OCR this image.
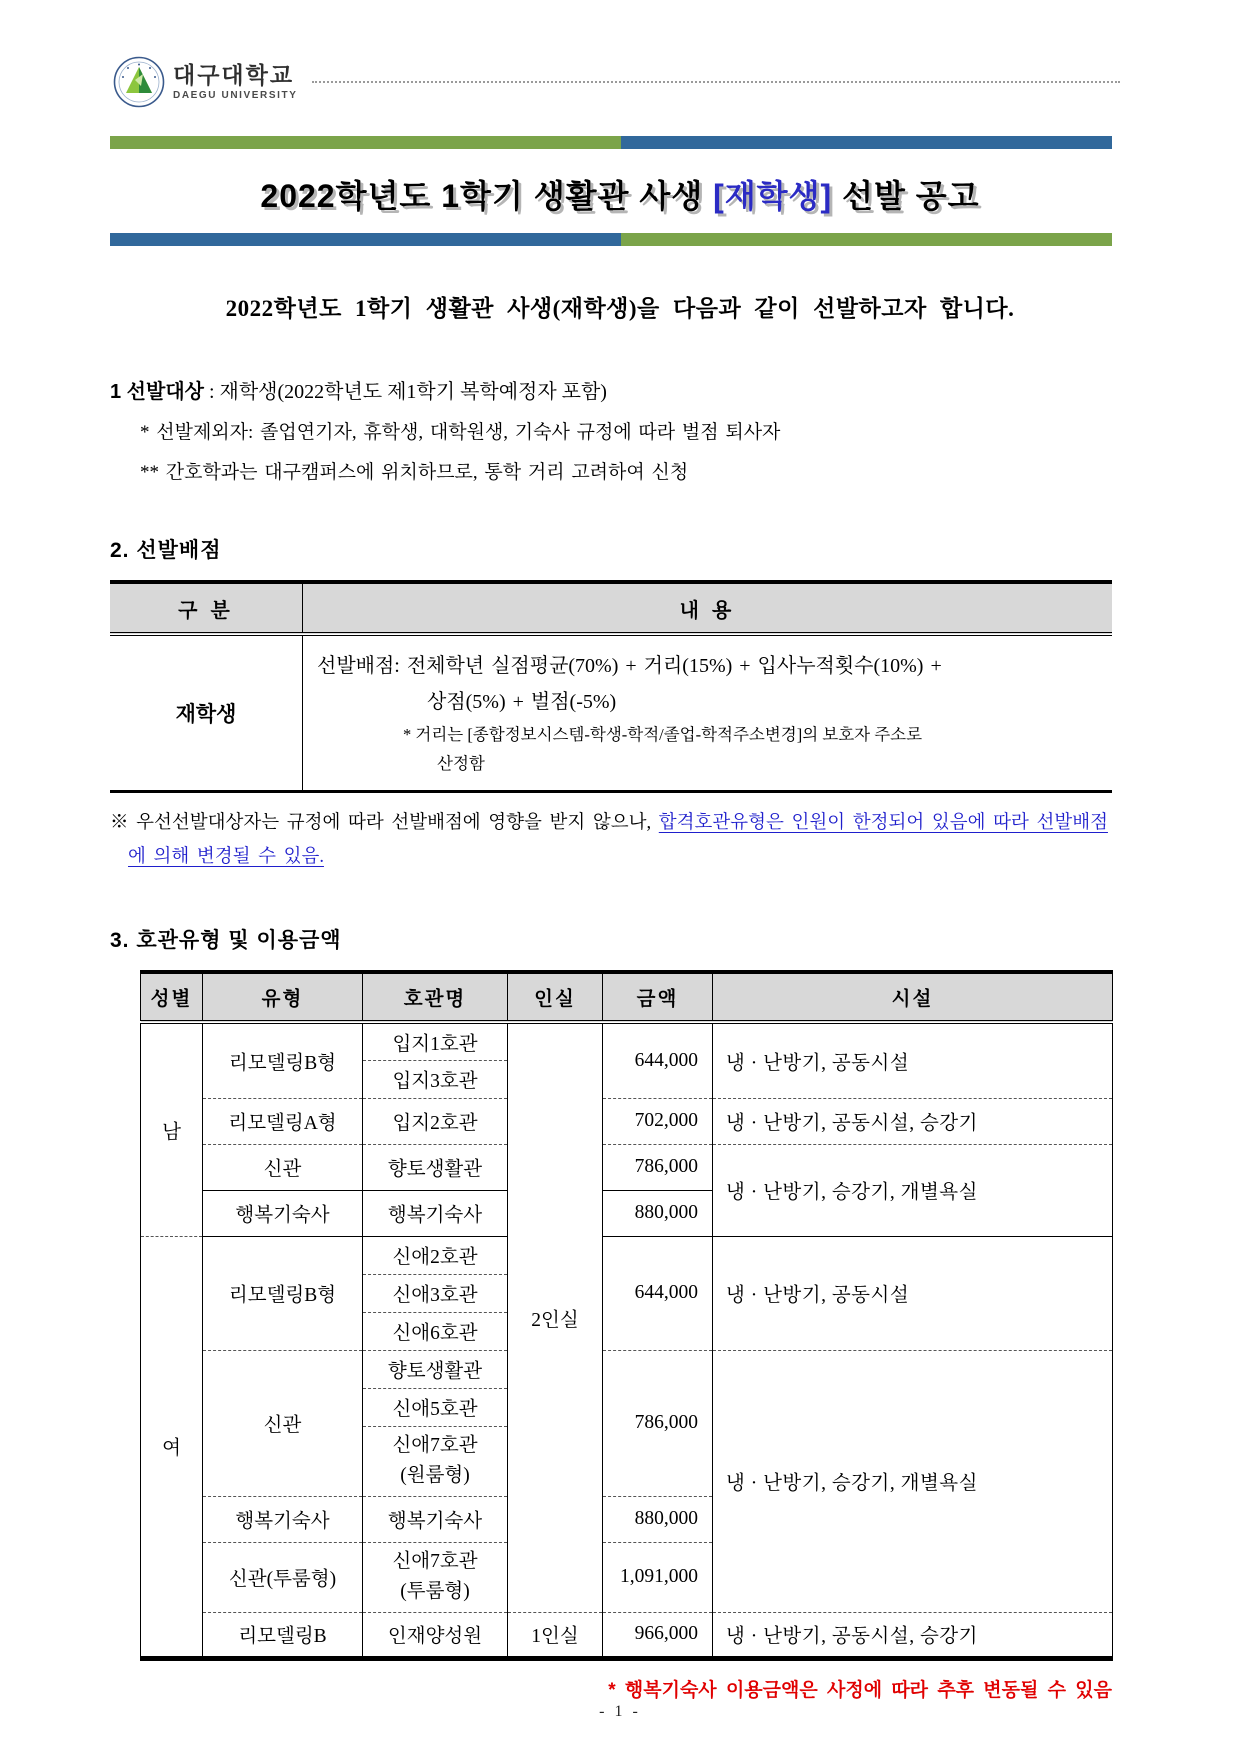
대구대학교
DAEGU UNIVERSITY
2022학년도 1학기 생활관 사생 [재학생] 선발 공고
2022학년도 1학기 생활관 사생(재학생)을 다음과 같이 선발하고자 합니다.
1 선발대상 : 재학생(2022학년도 제1학기 복학예정자 포함)
* 선발제외자: 졸업연기자, 휴학생, 대학원생, 기숙사 규정에 따라 벌점 퇴사자
** 간호학과는 대구캠퍼스에 위치하므로, 통학 거리 고려하여 신청
2. 선발배점
구 분	내 용
재학생	선발배점: 전체학년 실점평균(70%) + 거리(15%) + 입사누적횟수(10%) +
상점(5%) + 벌점(-5%)
* 거리는 [종합정보시스템-학생-학적/졸업-학적주소변경]의 보호자 주소로
산정함
※ 우선선발대상자는 규정에 따라 선발배점에 영향을 받지 않으나, 합격호관유형은 인원이 한정되어 있음에 따라 선발배점
에 의해 변경될 수 있음.
3. 호관유형 및 이용금액
성별	유형	호관명	인실	금액	시설
남	리모델링B형	입지1호관	2인실	644,000	냉 · 난방기, 공동시설
		입지3호관			
	리모델링A형	입지2호관		702,000	냉 · 난방기, 공동시설, 승강기
	신관	향토생활관		786,000	냉 · 난방기, 승강기, 개별욕실
	행복기숙사	행복기숙사		880,000	
여	리모델링B형	신애2호관		644,000	냉 · 난방기, 공동시설
		신애3호관			
		신애6호관			
	신관	향토생활관		786,000	냉 · 난방기, 승강기, 개별욕실
		신애5호관			

		신애7호관
(원룸형)			

	행복기숙사	행복기숙사		880,000	
	신관(투룸형)	신애7호관
(투룸형)		1,091,000	
	리모델링B	인재양성원	1인실	966,000	냉 · 난방기, 공동시설, 승강기
* 행복기숙사 이용금액은 사정에 따라 추후 변동될 수 있음
- 1 -
